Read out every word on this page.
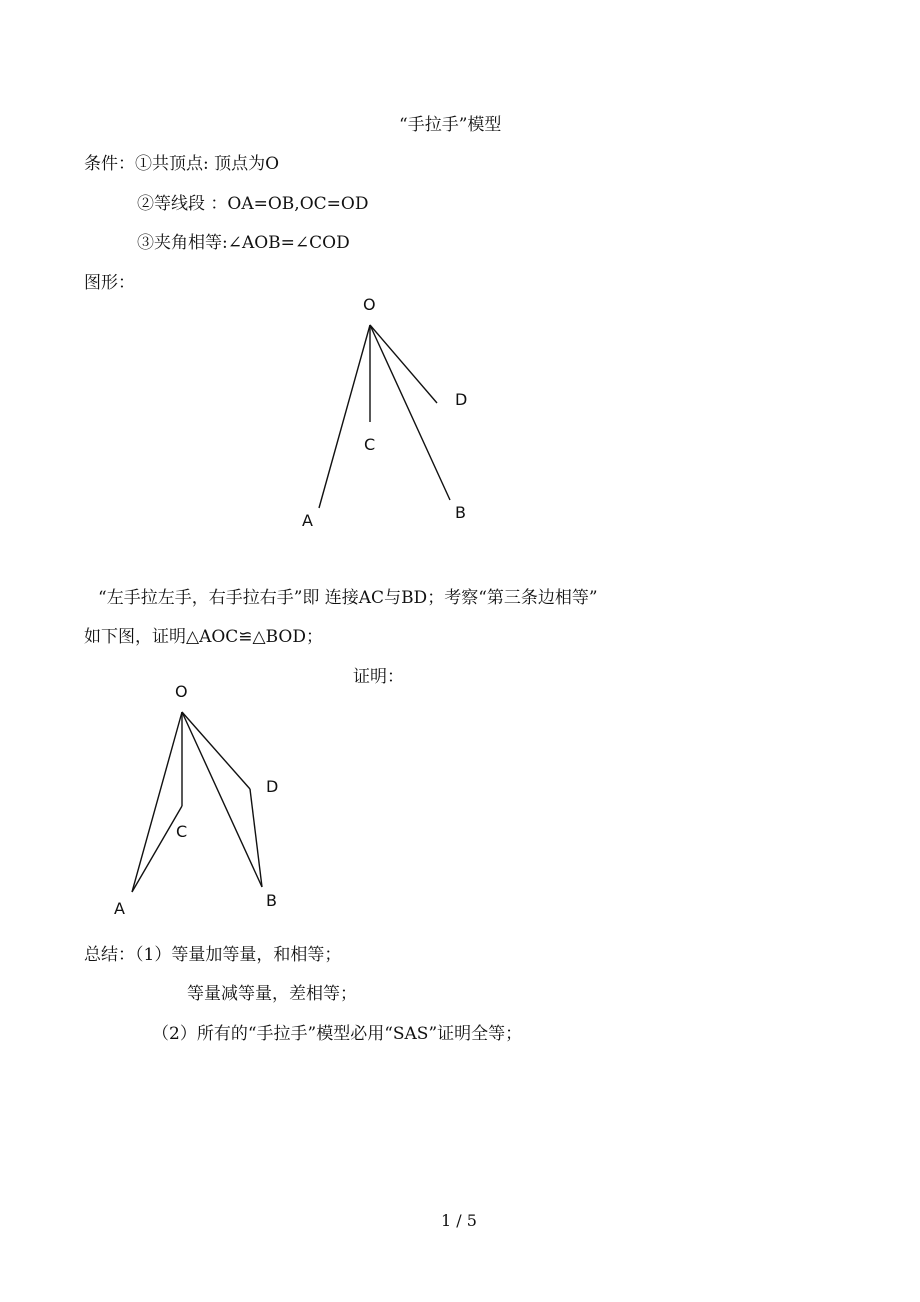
“手拉手”模型
条件：①共顶点: 顶点为O
②等线段 ：OA=OB,OC=OD
③夹角相等:∠AOB=∠COD
图形：
O
C
D
A	B
O
C
D
A	B
“左手拉左手，右手拉右手”即 连接AC与BD；考察“第三条边相等”
如下图，证明△AOC≌△BOD；
证明：
总结：（1）等量加等量，和相等；
等量减等量，差相等；
（2）所有的“手拉手”模型必用“SAS”证明全等；
1 / 5
